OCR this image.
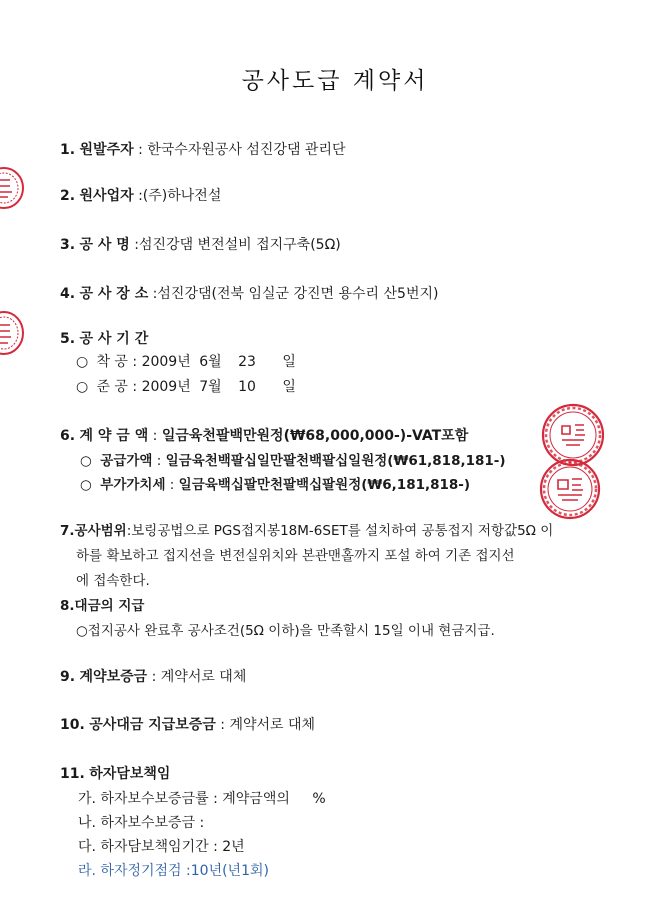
공사도급 계약서
1. 원발주자 : 한국수자원공사 섬진강댐 관리단
2. 원사업자 :(주)하나전설
3. 공 사 명 :섬진강댐 변전설비 접지구축(5Ω)
4. 공 사 장 소 :섬진강댐(전북 임실군 강진면 용수리 산5번지)
5. 공 사 기 간
○ 착 공 : 2009년 6월 23 일
○ 준 공 : 2009년 7월 10 일
6. 계 약 금 액 : 일금육천팔백만원정(₩68,000,000-)-VAT포함
○ 공급가액 : 일금육천백팔십일만팔천백팔십일원정(₩61,818,181-)
○ 부가가치세 : 일금육백십팔만천팔백십팔원정(₩6,181,818-)
7.공사범위:보링공법으로 PGS접지봉18M-6SET를 설치하여 공통접지 저항값5Ω 이
하를 확보하고 접지선을 변전실위치와 본관맨홀까지 포설 하여 기존 접지선
에 접속한다.
8.대금의 지급
○접지공사 완료후 공사조건(5Ω 이하)을 만족할시 15일 이내 현금지급.
9. 계약보증금 : 계약서로 대체
10. 공사대금 지급보증금 : 계약서로 대체
11. 하자담보책임
가. 하자보수보증금률 : 계약금액의 %
나. 하자보수보증금 :
다. 하자담보책임기간 : 2년
라. 하자정기점검 :10년(년1회)
